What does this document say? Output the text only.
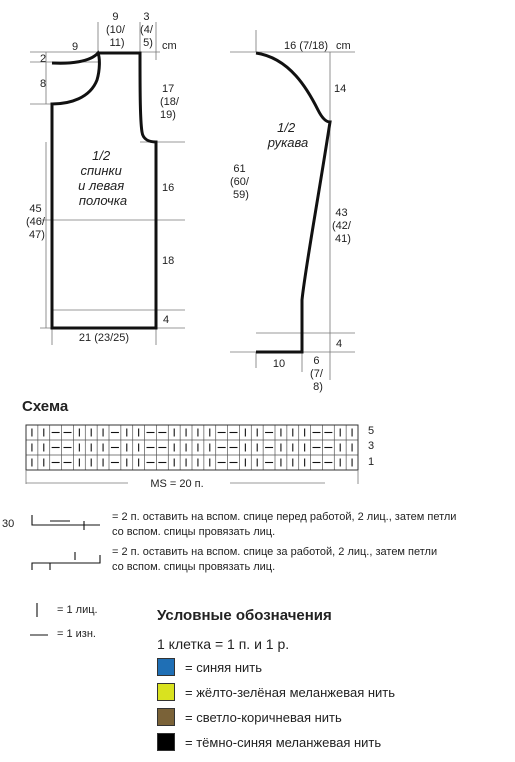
1/2 спинки и левая полочка
9
9 (10/ 11)
3 (4/ 5) cm
2
8	17 (18/ 19)
16
45 (46/ 47)
18
4
21 (23/25)
1/2 рукава
16 (7/18) cm
14
61 (60/ 59)
43 (42/ 41)
4
10	6 (7/ 8)
5
3
1
MS = 20 п.
30
Схема
= 2 п. оставить на вспом. спице перед работой, 2 лиц., затем петли
со вспом. спицы провязать лиц.
= 2 п. оставить на вспом. спице за работой, 2 лиц., затем петли
со вспом. спицы провязать лиц.
= 1 лиц.
= 1 изн.
Условные обозначения
1 клетка = 1 п. и 1 р.
= синяя нить
= жёлто-зелёная меланжевая нить
= светло-коричневая нить
= тёмно-синяя меланжевая нить
